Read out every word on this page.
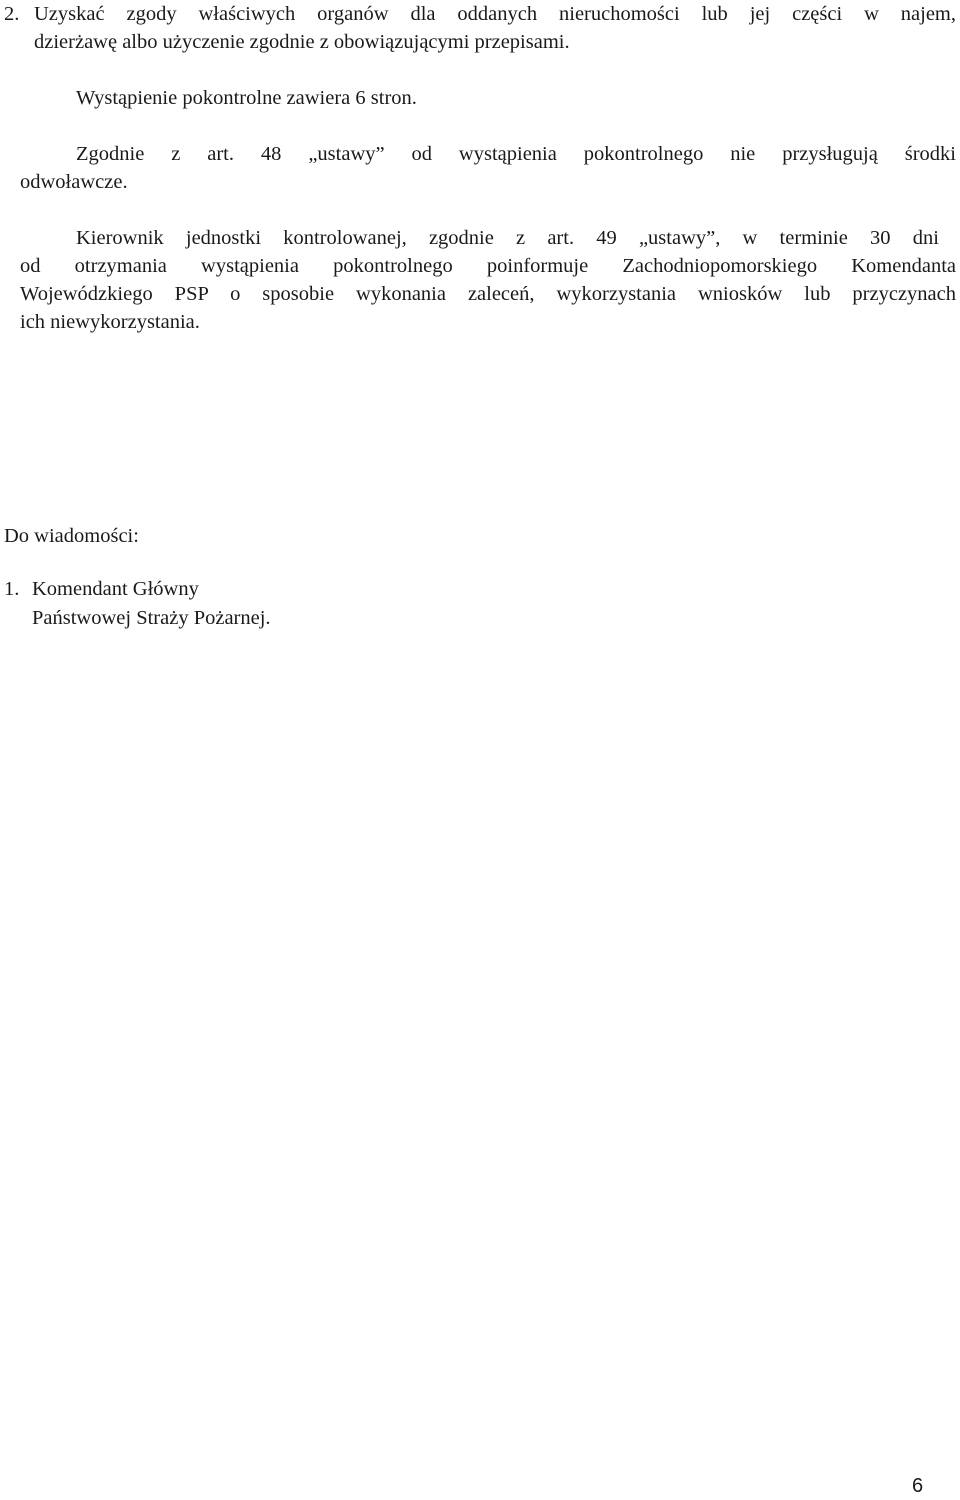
2. Uzyskać zgody właściwych organów dla oddanych nieruchomości lub jej części w najem,
dzierżawę albo użyczenie zgodnie z obowiązującymi przepisami.
Wystąpienie pokontrolne zawiera 6 stron.
Zgodnie z art. 48 „ustawy” od wystąpienia pokontrolnego nie przysługują środki
odwoławcze.
Kierownik jednostki kontrolowanej, zgodnie z art. 49 „ustawy”, w terminie 30 dni
od otrzymania wystąpienia pokontrolnego poinformuje Zachodniopomorskiego Komendanta
Wojewódzkiego PSP o sposobie wykonania zaleceń, wykorzystania wniosków lub przyczynach
ich niewykorzystania.
Do wiadomości:
1. Komendant Główny
Państwowej Straży Pożarnej.
6
